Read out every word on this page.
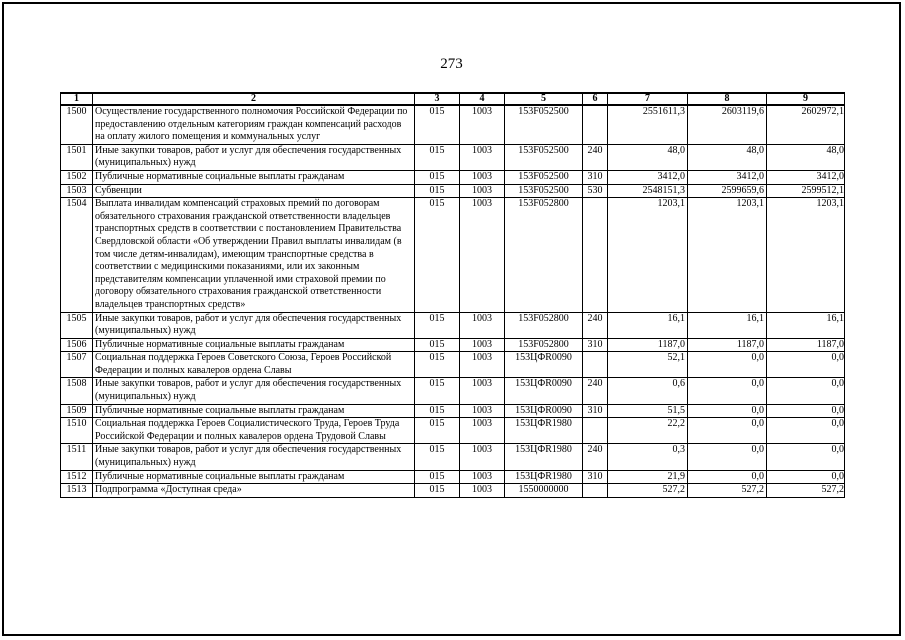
273
1	2	3	4	5	6	7	8	9
1500	Осуществление государственного полномочия Российской Федерации по предоставлению отдельным категориям граждан компенсаций расходов на оплату жилого помещения и коммунальных услуг	015	1003	153F052500		2551611,3	2603119,6	2602972,1
1501	Иные закупки товаров, работ и услуг для обеспечения государственных (муниципальных) нужд	015	1003	153F052500	240	48,0	48,0	48,0
1502	Публичные нормативные социальные выплаты гражданам	015	1003	153F052500	310	3412,0	3412,0	3412,0
1503	Субвенции	015	1003	153F052500	530	2548151,3	2599659,6	2599512,1
1504	Выплата инвалидам компенсаций страховых премий по договорам обязательного страхования гражданской ответственности владельцев транспортных средств в соответствии с постановлением Правительства Свердловской области «Об утверждении Правил выплаты инвалидам (в том числе детям-инвалидам), имеющим транспортные средства в соответствии с медицинскими показаниями, или их законным представителям компенсации уплаченной ими страховой премии по договору обязательного страхования гражданской ответственности владельцев транспортных средств»	015	1003	153F052800		1203,1	1203,1	1203,1
1505	Иные закупки товаров, работ и услуг для обеспечения государственных (муниципальных) нужд	015	1003	153F052800	240	16,1	16,1	16,1
1506	Публичные нормативные социальные выплаты гражданам	015	1003	153F052800	310	1187,0	1187,0	1187,0
1507	Социальная поддержка Героев Советского Союза, Героев Российской Федерации и полных кавалеров ордена Славы	015	1003	153ЦФR0090		52,1	0,0	0,0
1508	Иные закупки товаров, работ и услуг для обеспечения государственных (муниципальных) нужд	015	1003	153ЦФR0090	240	0,6	0,0	0,0
1509	Публичные нормативные социальные выплаты гражданам	015	1003	153ЦФR0090	310	51,5	0,0	0,0
1510	Социальная поддержка Героев Социалистического Труда, Героев Труда Российской Федерации и полных кавалеров ордена Трудовой Славы	015	1003	153ЦФR1980		22,2	0,0	0,0
1511	Иные закупки товаров, работ и услуг для обеспечения государственных (муниципальных) нужд	015	1003	153ЦФR1980	240	0,3	0,0	0,0
1512	Публичные нормативные социальные выплаты гражданам	015	1003	153ЦФR1980	310	21,9	0,0	0,0
1513	Подпрограмма «Доступная среда»	015	1003	1550000000		527,2	527,2	527,2
